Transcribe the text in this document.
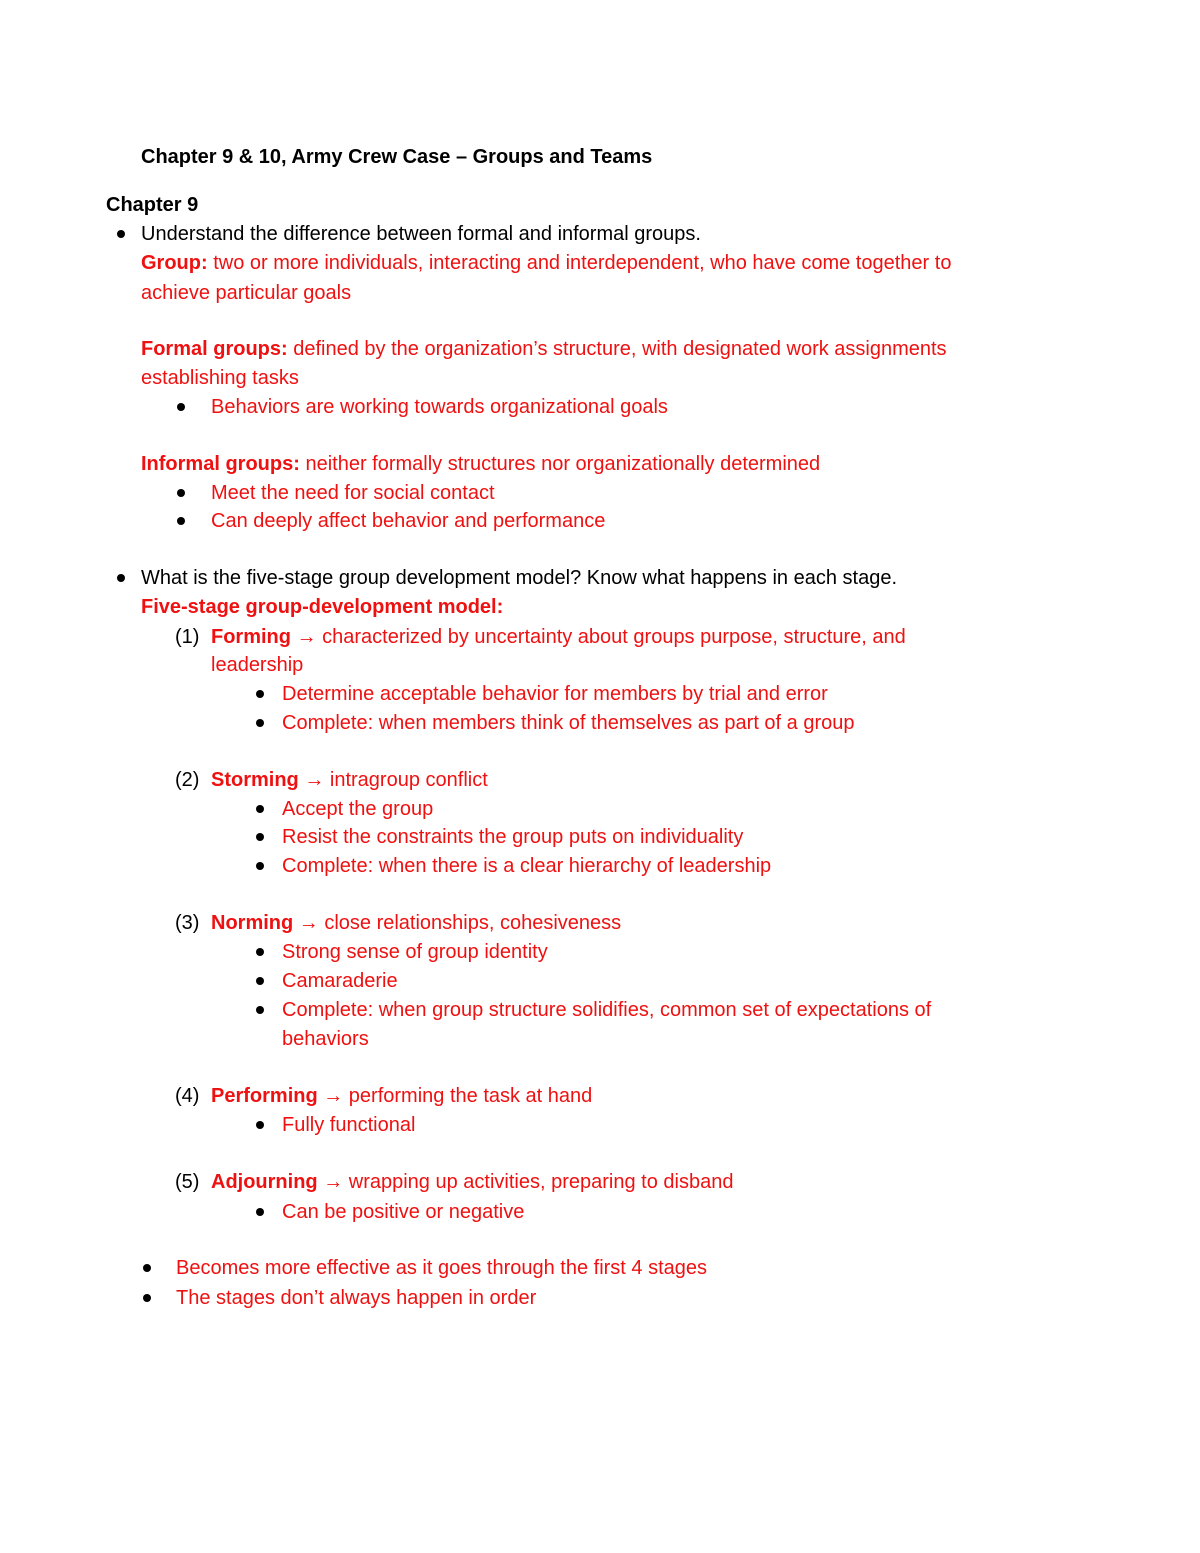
Chapter 9 & 10, Army Crew Case – Groups and Teams
Chapter 9
Understand the difference between formal and informal groups.
Group: two or more individuals, interacting and interdependent, who have come together to
achieve particular goals
Formal groups: defined by the organization’s structure, with designated work assignments
establishing tasks
Behaviors are working towards organizational goals
Informal groups: neither formally structures nor organizationally determined
Meet the need for social contact
Can deeply affect behavior and performance
What is the five-stage group development model? Know what happens in each stage.
Five-stage group-development model:
(1) Forming → characterized by uncertainty about groups purpose, structure, and
leadership
Determine acceptable behavior for members by trial and error
Complete: when members think of themselves as part of a group
(2) Storming → intragroup conflict
Accept the group
Resist the constraints the group puts on individuality
Complete: when there is a clear hierarchy of leadership
(3) Norming → close relationships, cohesiveness
Strong sense of group identity
Camaraderie
Complete: when group structure solidifies, common set of expectations of
behaviors
(4) Performing → performing the task at hand
Fully functional
(5) Adjourning → wrapping up activities, preparing to disband
Can be positive or negative
Becomes more effective as it goes through the first 4 stages
The stages don’t always happen in order
